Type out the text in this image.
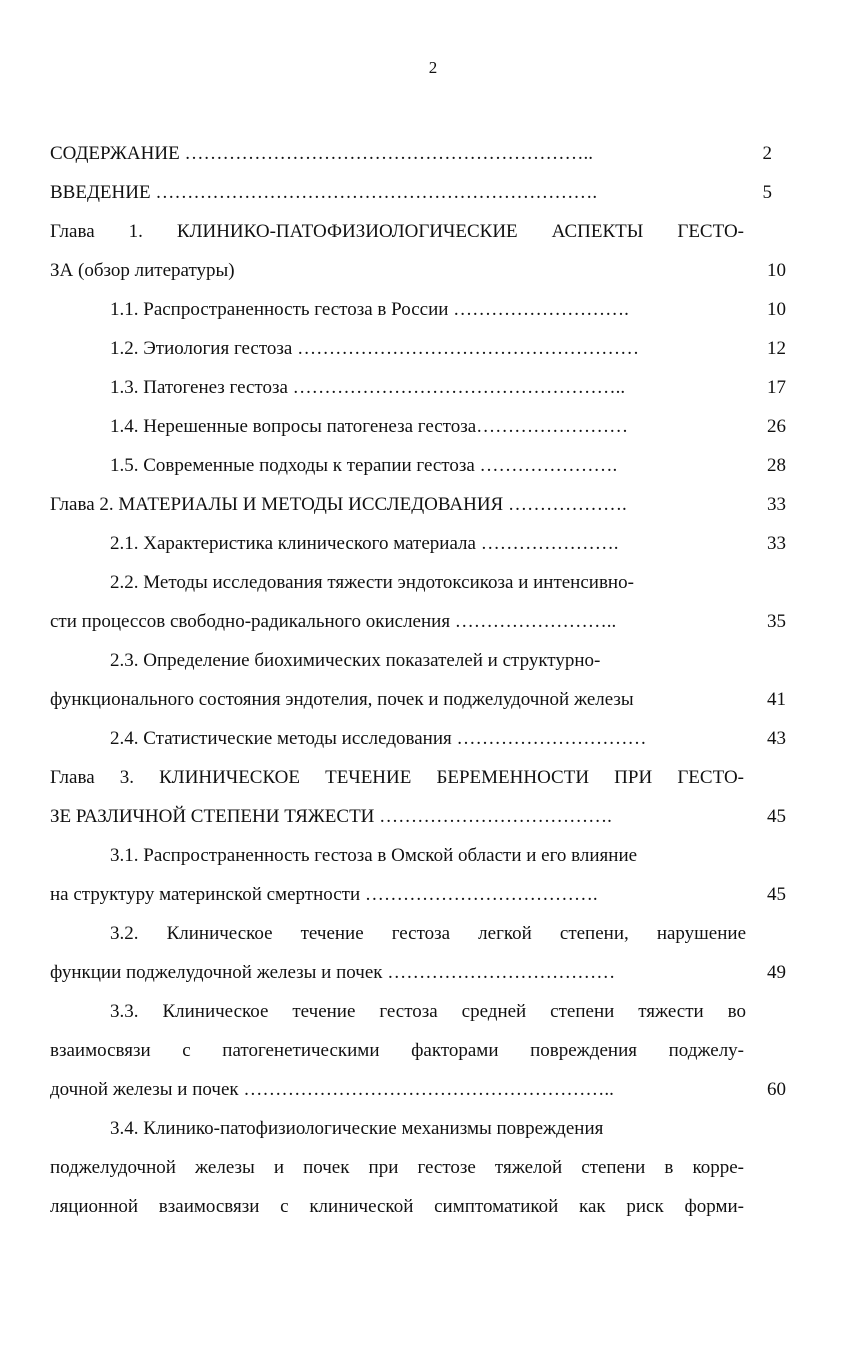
2
СОДЕРЖАНИЕ ………………………………………………………..	2
ВВЕДЕНИЕ …………………………………………………………….	5
Глава 1. КЛИНИКО-ПАТОФИЗИОЛОГИЧЕСКИЕ АСПЕКТЫ ГЕСТО-
ЗА (обзор литературы)	10
1.1. Распространенность гестоза в России ……………………….	10
1.2. Этиология гестоза ………………………………………………	12
1.3. Патогенез гестоза ……………………………………………..	17
1.4. Нерешенные вопросы патогенеза гестоза……………………	26
1.5. Современные подходы к терапии гестоза ………………….	28
Глава 2. МАТЕРИАЛЫ И МЕТОДЫ ИССЛЕДОВАНИЯ ……………….	33
2.1. Характеристика клинического материала ………………….	33
2.2. Методы исследования тяжести эндотоксикоза и интенсивно-
сти процессов свободно-радикального окисления ……………………..	35
2.3. Определение биохимических показателей и структурно-
функционального состояния эндотелия, почек и поджелудочной железы	41
2.4. Статистические методы исследования …………………………	43
Глава 3. КЛИНИЧЕСКОЕ ТЕЧЕНИЕ БЕРЕМЕННОСТИ ПРИ ГЕСТО-
ЗЕ РАЗЛИЧНОЙ СТЕПЕНИ ТЯЖЕСТИ ……………………………….	45
3.1. Распространенность гестоза в Омской области и его влияние
на структуру материнской смертности ……………………………….	45
3.2. Клиническое течение гестоза легкой степени, нарушение
функции поджелудочной железы и почек ………………………………	49
3.3. Клиническое течение гестоза средней степени тяжести во
взаимосвязи с патогенетическими факторами повреждения поджелу-
дочной железы и почек …………………………………………………..	60
3.4. Клинико-патофизиологические механизмы повреждения
поджелудочной железы и почек при гестозе тяжелой степени в корре-
ляционной взаимосвязи с клинической симптоматикой как риск форми-
